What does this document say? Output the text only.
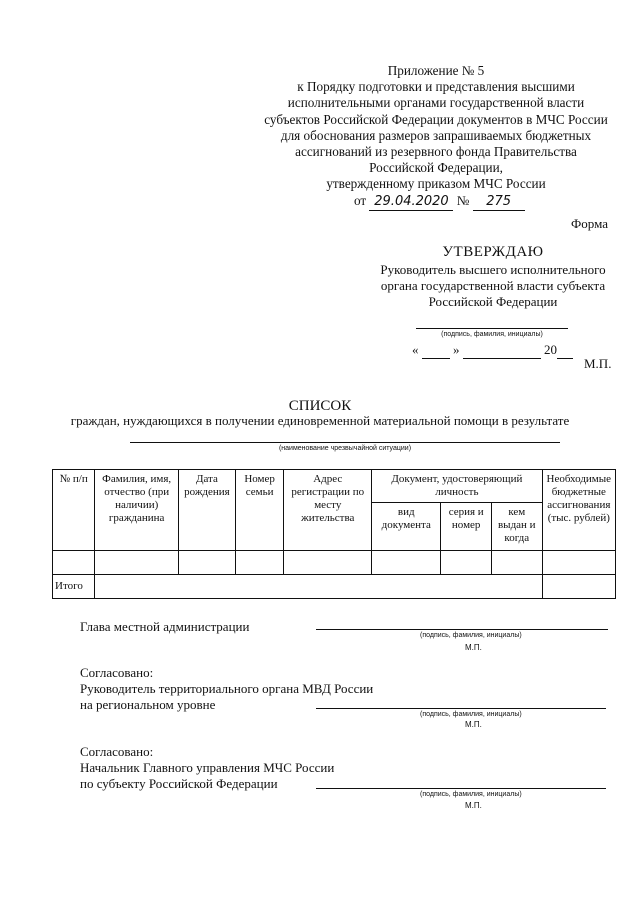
Приложение № 5
к Порядку подготовки и представления высшими
исполнительными органами государственной власти
субъектов Российской Федерации документов в МЧС России
для обоснования размеров запрашиваемых бюджетных
ассигнований из резервного фонда Правительства
Российской Федерации,
утвержденному приказом МЧС России
от 29.04.2020 № 275
Форма
УТВЕРЖДАЮ
Руководитель высшего исполнительного
органа государственной власти субъекта
Российской Федерации
(подпись, фамилия, инициалы)
«	»	20
М.П.
СПИСОК
граждан, нуждающихся в получении единовременной материальной помощи в результате
(наименование чрезвычайной ситуации)
№ п/п	Фамилия, имя, отчество (при наличии) гражданина	Дата рождения	Номер семьи	Адрес регистрации по месту жительства	Документ, удостоверяющий личность			Необходимые бюджетные ассигнования (тыс. рублей)
					вид документа	серия и номер	кем выдан и когда	

Итого								
Глава местной администрации
(подпись, фамилия, инициалы)
М.П.
Согласовано:
Руководитель территориального органа МВД России
на региональном уровне
(подпись, фамилия, инициалы)
М.П.
Согласовано:
Начальник Главного управления МЧС России
по субъекту Российской Федерации
(подпись, фамилия, инициалы)
М.П.
